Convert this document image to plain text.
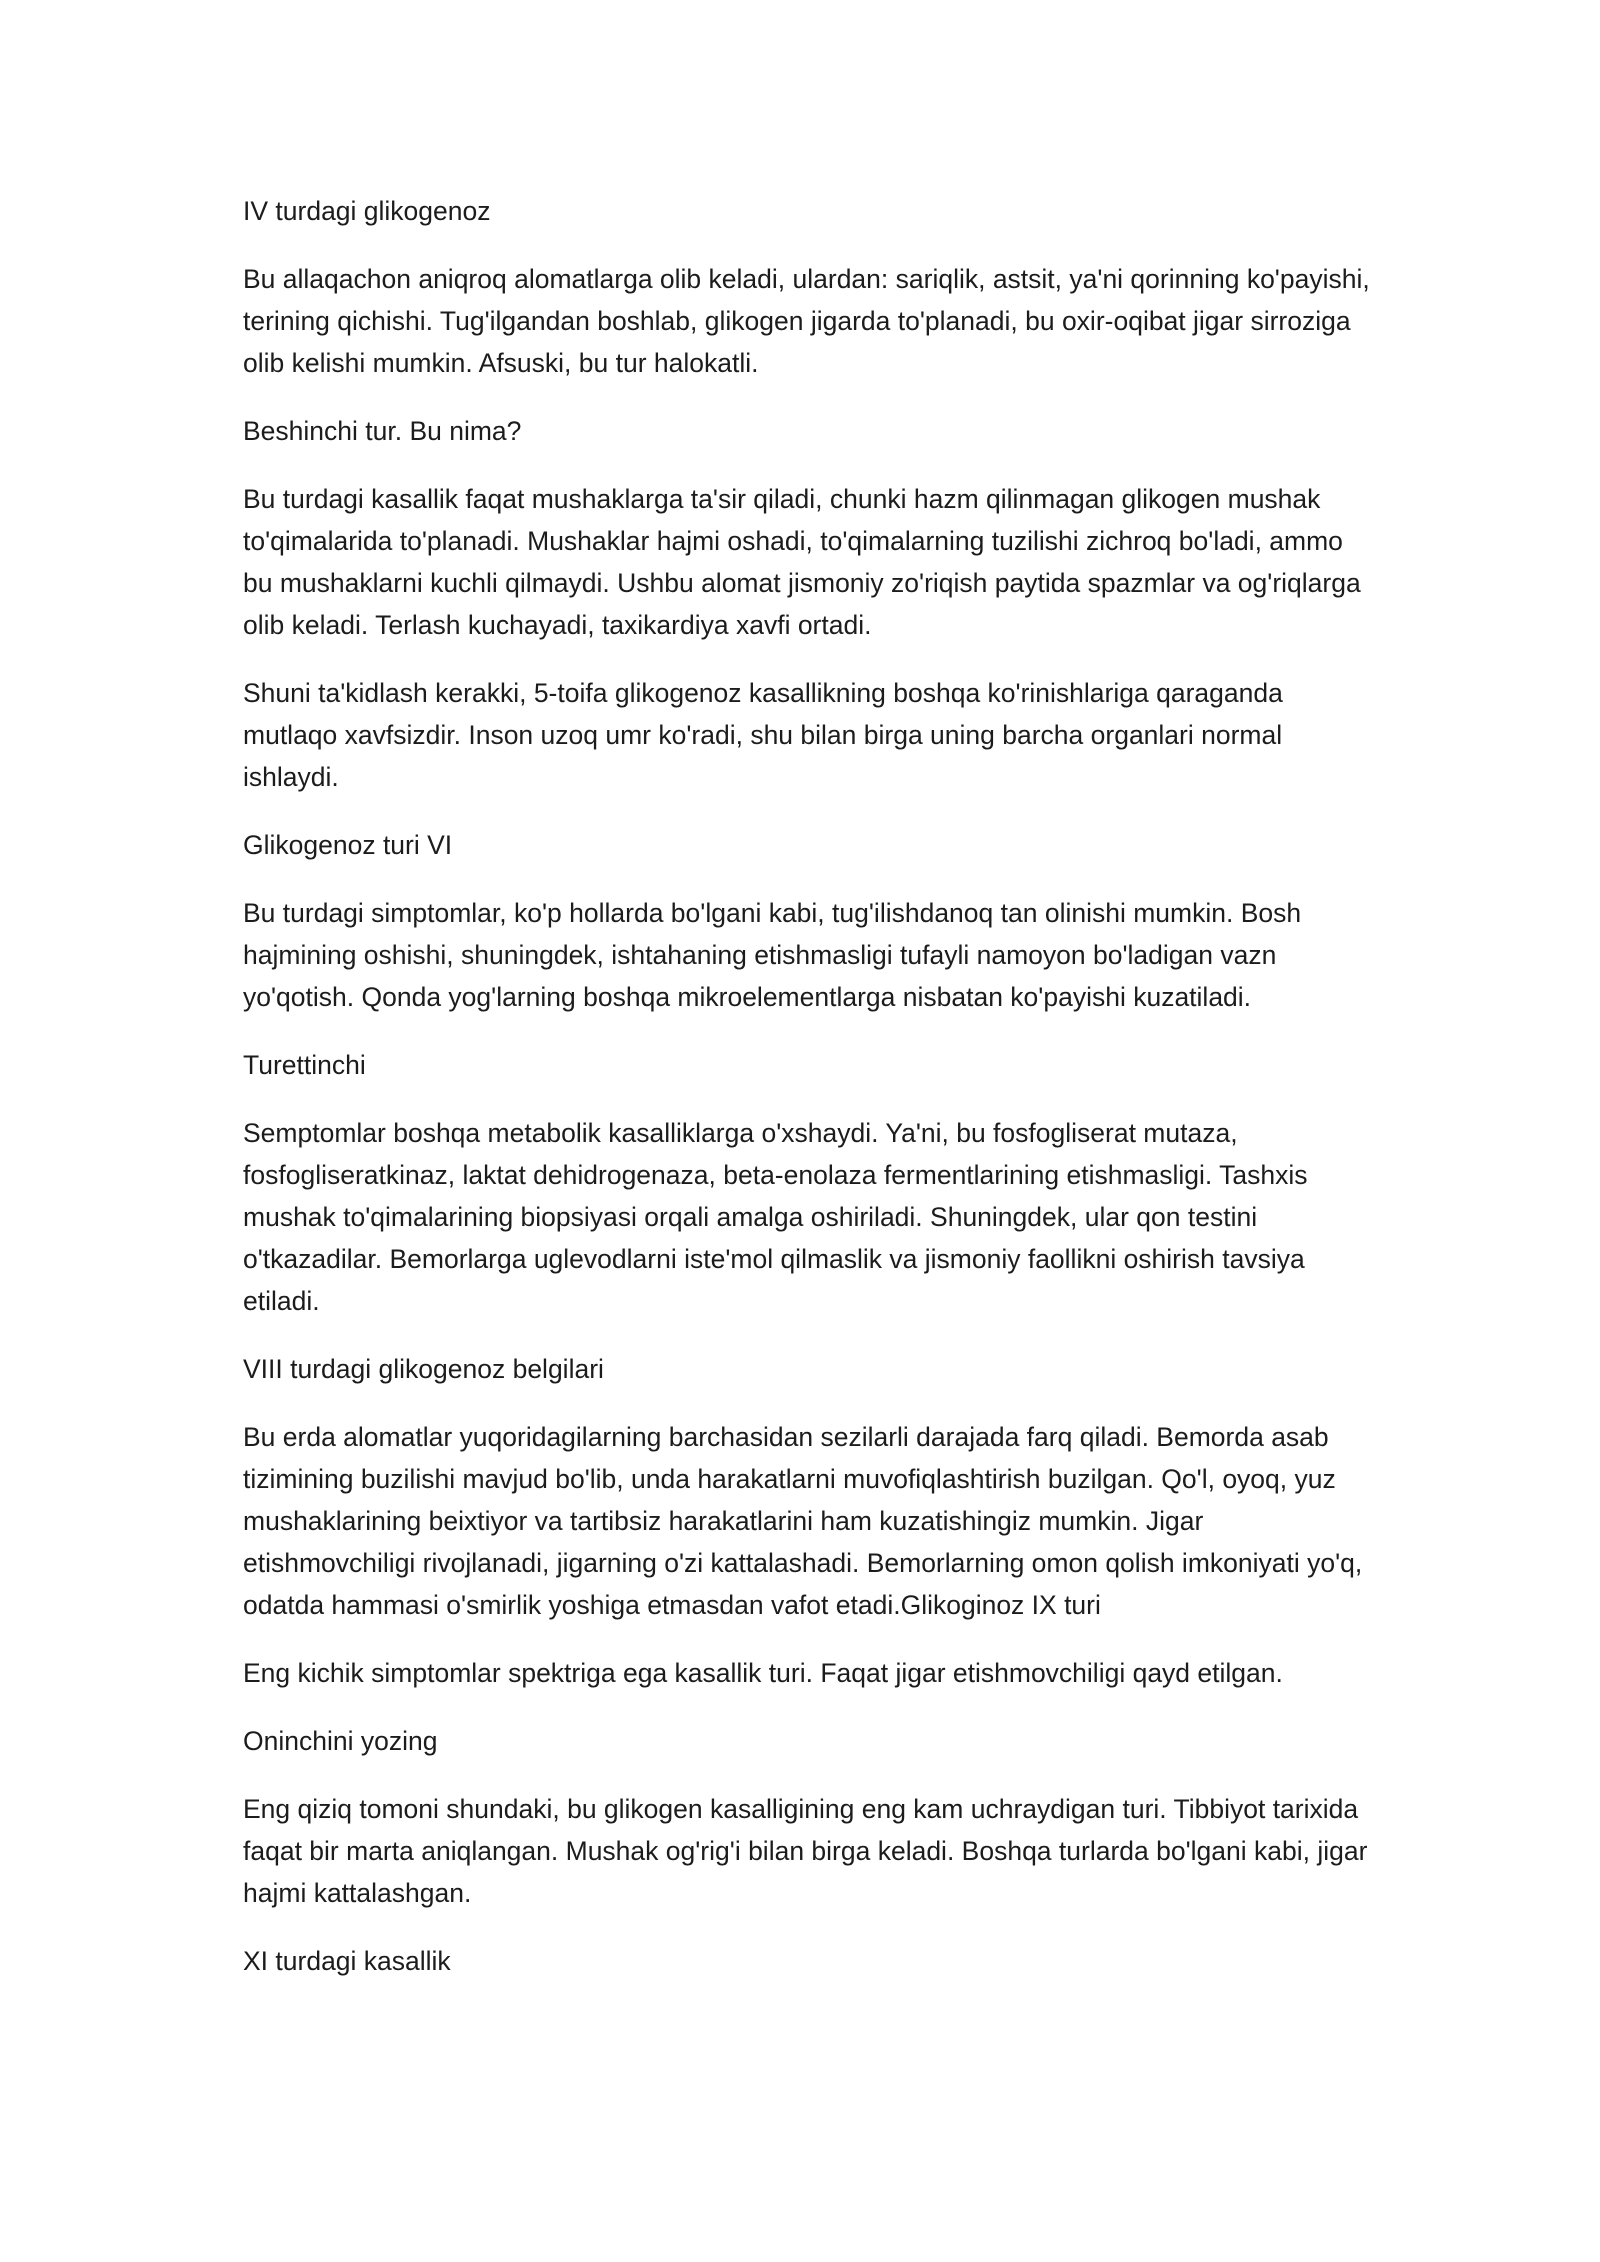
IV turdagi glikogenoz

Bu allaqachon aniqroq alomatlarga olib keladi, ulardan: sariqlik, astsit, ya'ni qorinning ko'payishi, terining qichishi. Tug'ilgandan boshlab, glikogen jigarda to'planadi, bu oxir-oqibat jigar sirroziga olib kelishi mumkin. Afsuski, bu tur halokatli.

Beshinchi tur. Bu nima?

Bu turdagi kasallik faqat mushaklarga ta'sir qiladi, chunki hazm qilinmagan glikogen mushak to'qimalarida to'planadi. Mushaklar hajmi oshadi, to'qimalarning tuzilishi zichroq bo'ladi, ammo bu mushaklarni kuchli qilmaydi. Ushbu alomat jismoniy zo'riqish paytida spazmlar va og'riqlarga olib keladi. Terlash kuchayadi, taxikardiya xavfi ortadi.

Shuni ta'kidlash kerakki, 5-toifa glikogenoz kasallikning boshqa ko'rinishlariga qaraganda mutlaqo xavfsizdir. Inson uzoq umr ko'radi, shu bilan birga uning barcha organlari normal ishlaydi.

Glikogenoz turi VI

Bu turdagi simptomlar, ko'p hollarda bo'lgani kabi, tug'ilishdanoq tan olinishi mumkin. Bosh hajmining oshishi, shuningdek, ishtahaning etishmasligi tufayli namoyon bo'ladigan vazn yo'qotish. Qonda yog'larning boshqa mikroelementlarga nisbatan ko'payishi kuzatiladi.

Turettinchi

Semptomlar boshqa metabolik kasalliklarga o'xshaydi. Ya'ni, bu fosfogliserat mutaza, fosfogliseratkinaz, laktat dehidrogenaza, beta-enolaza fermentlarining etishmasligi. Tashxis mushak to'qimalarining biopsiyasi orqali amalga oshiriladi. Shuningdek, ular qon testini o'tkazadilar. Bemorlarga uglevodlarni iste'mol qilmaslik va jismoniy faollikni oshirish tavsiya etiladi.

VIII turdagi glikogenoz belgilari

Bu erda alomatlar yuqoridagilarning barchasidan sezilarli darajada farq qiladi. Bemorda asab tizimining buzilishi mavjud bo'lib, unda harakatlarni muvofiqlashtirish buzilgan. Qo'l, oyoq, yuz mushaklarining beixtiyor va tartibsiz harakatlarini ham kuzatishingiz mumkin. Jigar etishmovchiligi rivojlanadi, jigarning o'zi kattalashadi. Bemorlarning omon qolish imkoniyati yo'q, odatda hammasi o'smirlik yoshiga etmasdan vafot etadi.Glikoginoz IX turi

Eng kichik simptomlar spektriga ega kasallik turi. Faqat jigar etishmovchiligi qayd etilgan.

Oninchini yozing

Eng qiziq tomoni shundaki, bu glikogen kasalligining eng kam uchraydigan turi. Tibbiyot tarixida faqat bir marta aniqlangan. Mushak og'rig'i bilan birga keladi. Boshqa turlarda bo'lgani kabi, jigar hajmi kattalashgan.

XI turdagi kasallik
